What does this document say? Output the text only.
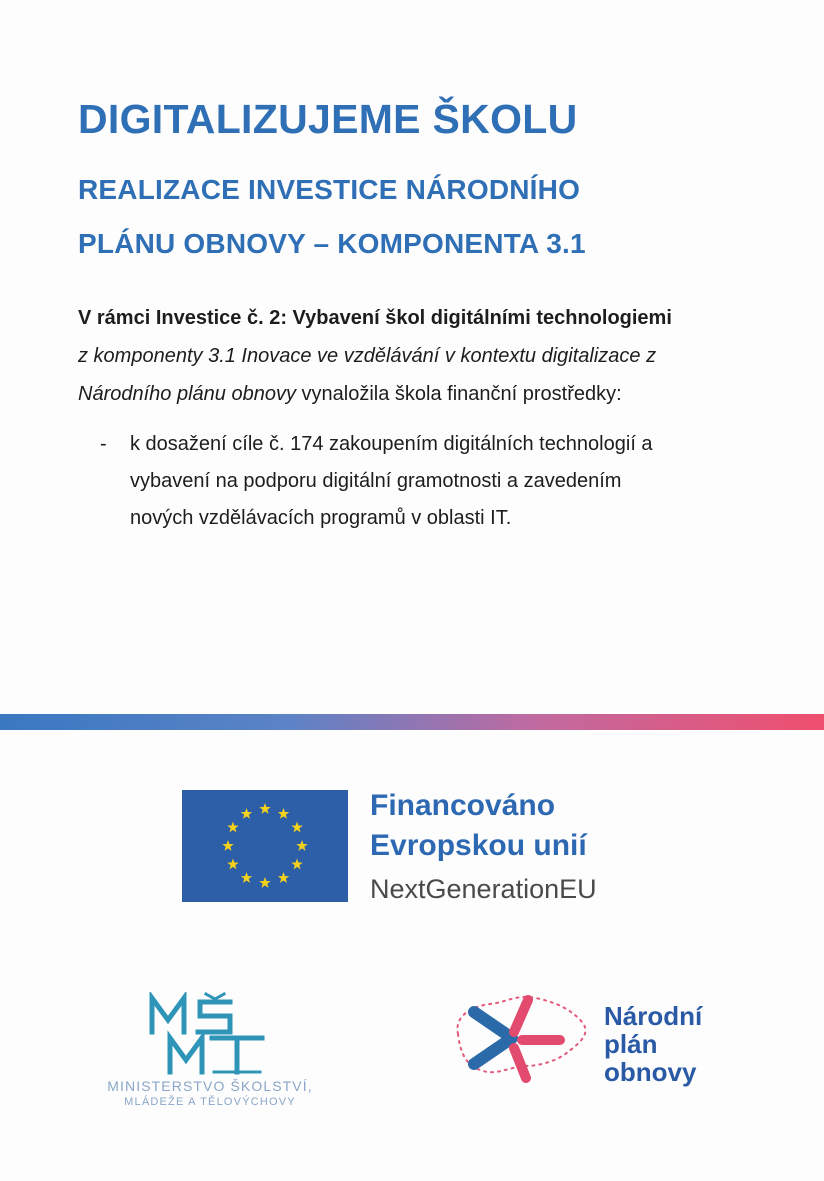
DIGITALIZUJEME ŠKOLU
REALIZACE INVESTICE NÁRODNÍHO
PLÁNU OBNOVY – KOMPONENTA 3.1
V rámci Investice č. 2: Vybavení škol digitálními technologiemi
z komponenty 3.1 Inovace ve vzdělávání v kontextu digitalizace z
Národního plánu obnovy vynaložila škola finanční prostředky:
- k dosažení cíle č. 174 zakoupením digitálních technologií a
vybavení na podporu digitální gramotnosti a zavedením
nových vzdělávacích programů v oblasti IT.
Financováno
Evropskou unií
NextGenerationEU
MINISTERSTVO ŠKOLSTVÍ,
MLÁDEŽE A TĚLOVÝCHOVY
Národní
plán
obnovy
